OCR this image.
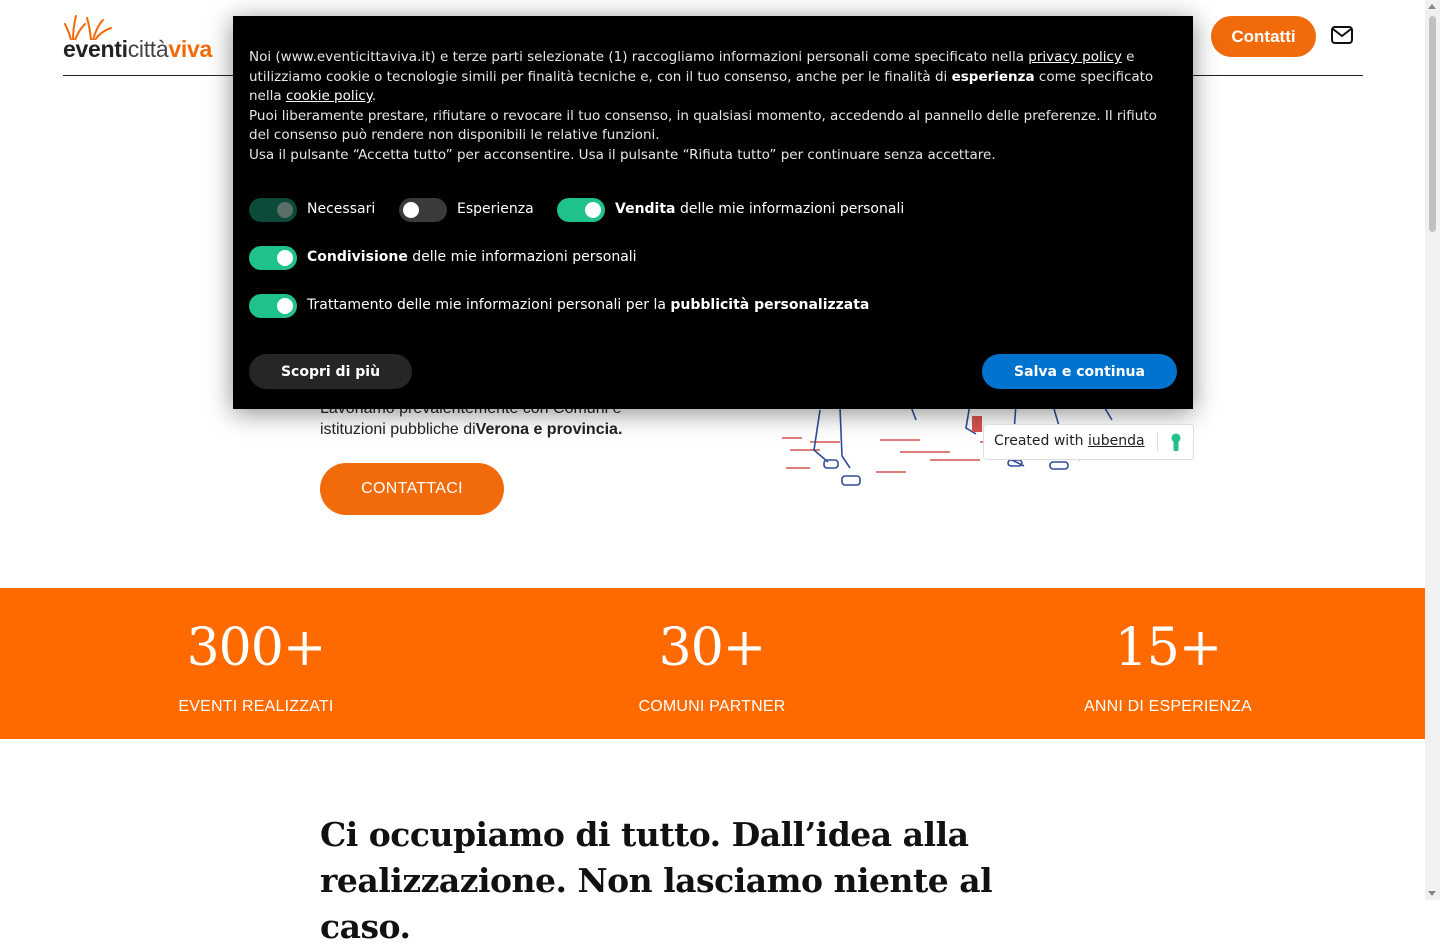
eventicittàviva	Contatti
istituzioni pubbliche diVerona e provincia.
CONTATTACI
300+
EVENTI REALIZZATI
30+
COMUNI PARTNER
15+
ANNI DI ESPERIENZA
Ci occupiamo di tutto. Dall’idea alla realizzazione. Non lasciamo niente al caso.
Noi (www.eventicittaviva.it) e terze parti selezionate (1) raccogliamo informazioni personali come specificato nella privacy policy e utilizziamo cookie o tecnologie simili per finalità tecniche e, con il tuo consenso, anche per le finalità di esperienza come specificato nella cookie policy.
Puoi liberamente prestare, rifiutare o revocare il tuo consenso, in qualsiasi momento, accedendo al pannello delle preferenze. Il rifiuto del consenso può rendere non disponibili le relative funzioni.
Usa il pulsante “Accetta tutto” per acconsentire. Usa il pulsante “Rifiuta tutto” per continuare senza accettare.
Necessari	Esperienza	Vendita delle mie informazioni personali
Condivisione delle mie informazioni personali
Trattamento delle mie informazioni personali per la pubblicità personalizzata
Scopri di più	Salva e continua
Created with iubenda
